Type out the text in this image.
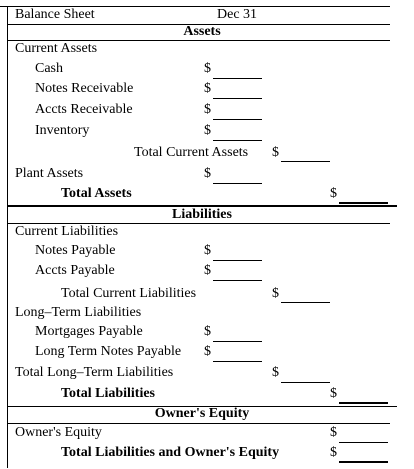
Balance Sheet	Dec 31
Assets
Current Assets
Cash	$
Notes Receivable	$
Accts Receivable	$
Inventory	$
Total Current Assets $
Plant Assets	$
Total Assets	$
Liabilities
Current Liabilities
Notes Payable	$
Accts Payable	$
Total Current Liabilities	$
Long–Term Liabilities
Mortgages Payable	$
Long Term Notes Payable $
Total Long–Term Liabilities	$
Total Liabilities	$
Owner's Equity
Owner's Equity	$
Total Liabilities and Owner's Equity	$
